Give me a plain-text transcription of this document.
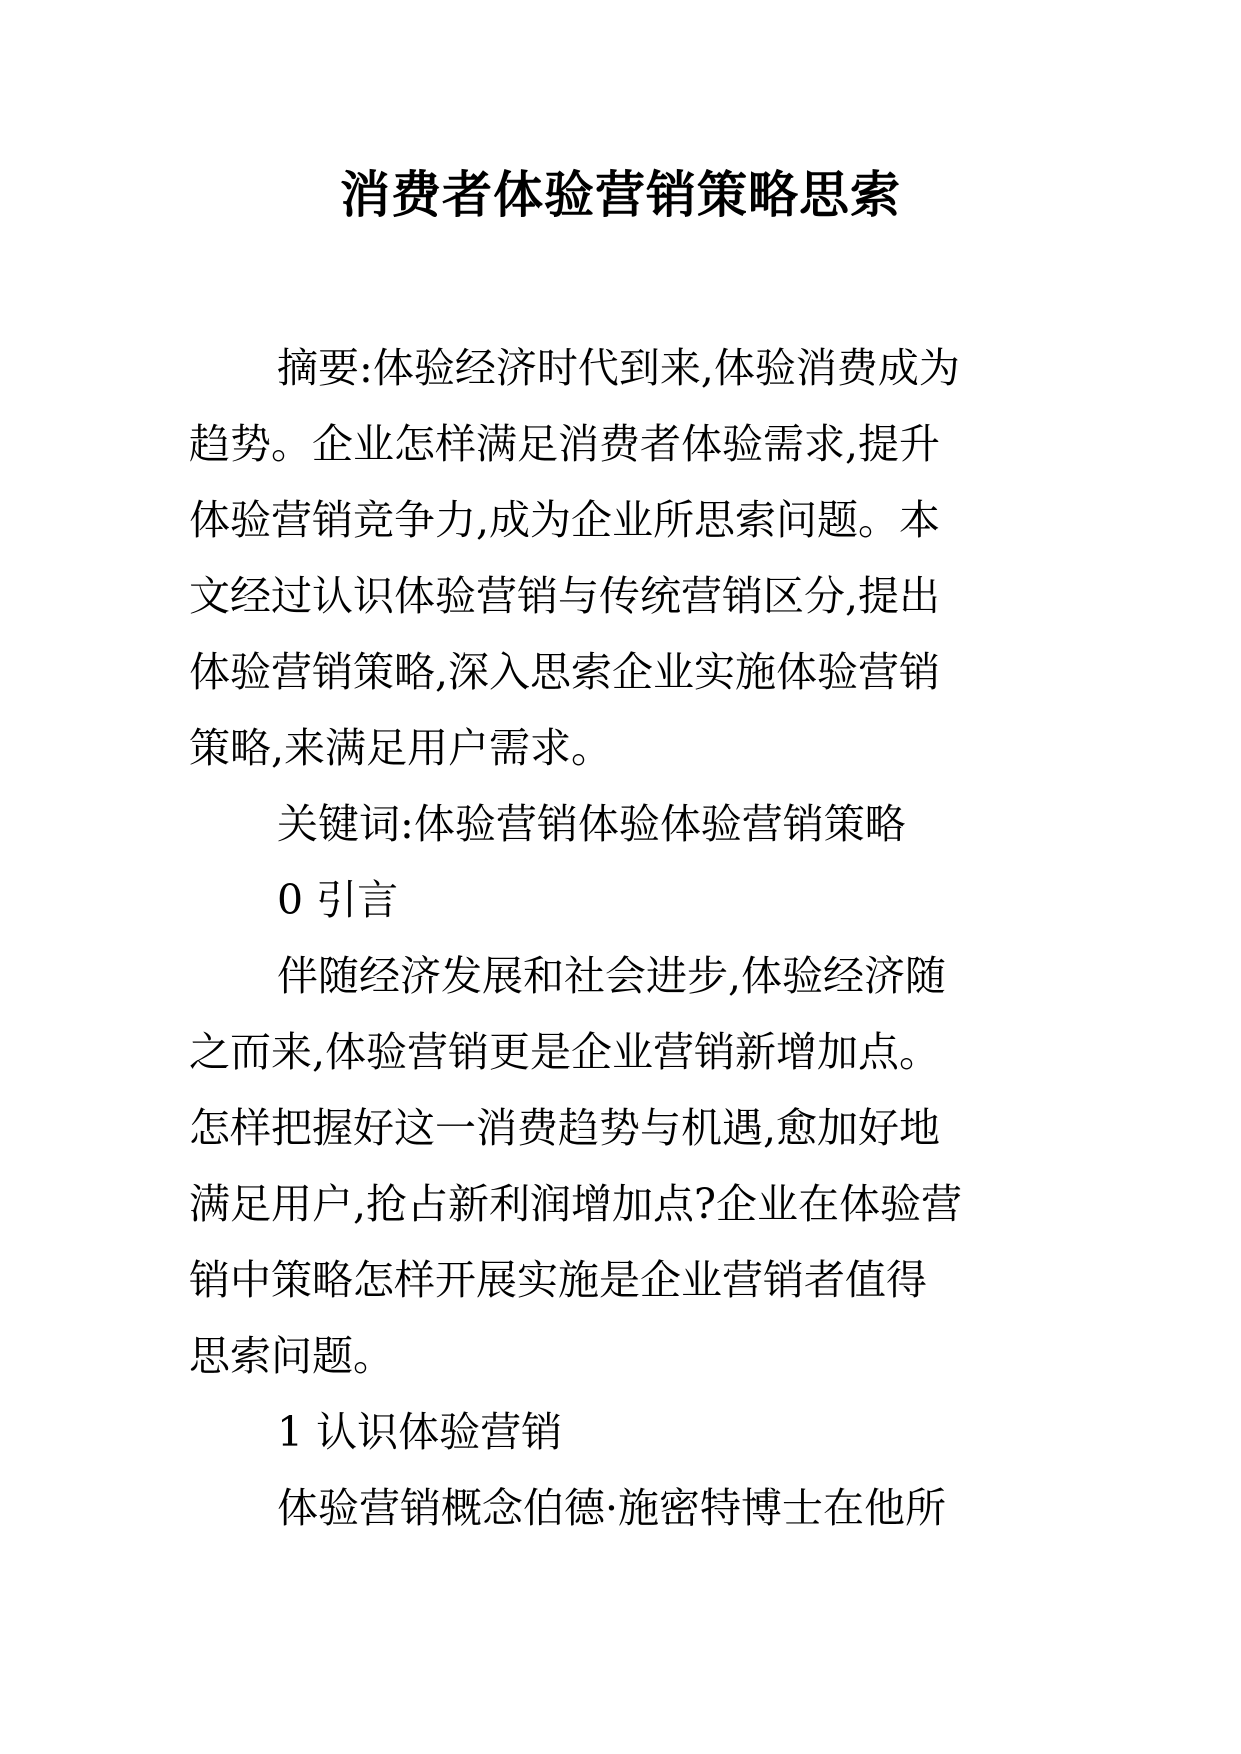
消费者体验营销策略思索
摘要:体验经济时代到来,体验消费成为
趋势。企业怎样满足消费者体验需求,提升
体验营销竞争力,成为企业所思索问题。本
文经过认识体验营销与传统营销区分,提出
体验营销策略,深入思索企业实施体验营销
策略,来满足用户需求。
关键词:体验营销体验体验营销策略
0 引言
伴随经济发展和社会进步,体验经济随
之而来,体验营销更是企业营销新增加点。
怎样把握好这一消费趋势与机遇,愈加好地
满足用户,抢占新利润增加点?企业在体验营
销中策略怎样开展实施是企业营销者值得
思索问题。
1 认识体验营销
体验营销概念伯德·施密特博士在他所
